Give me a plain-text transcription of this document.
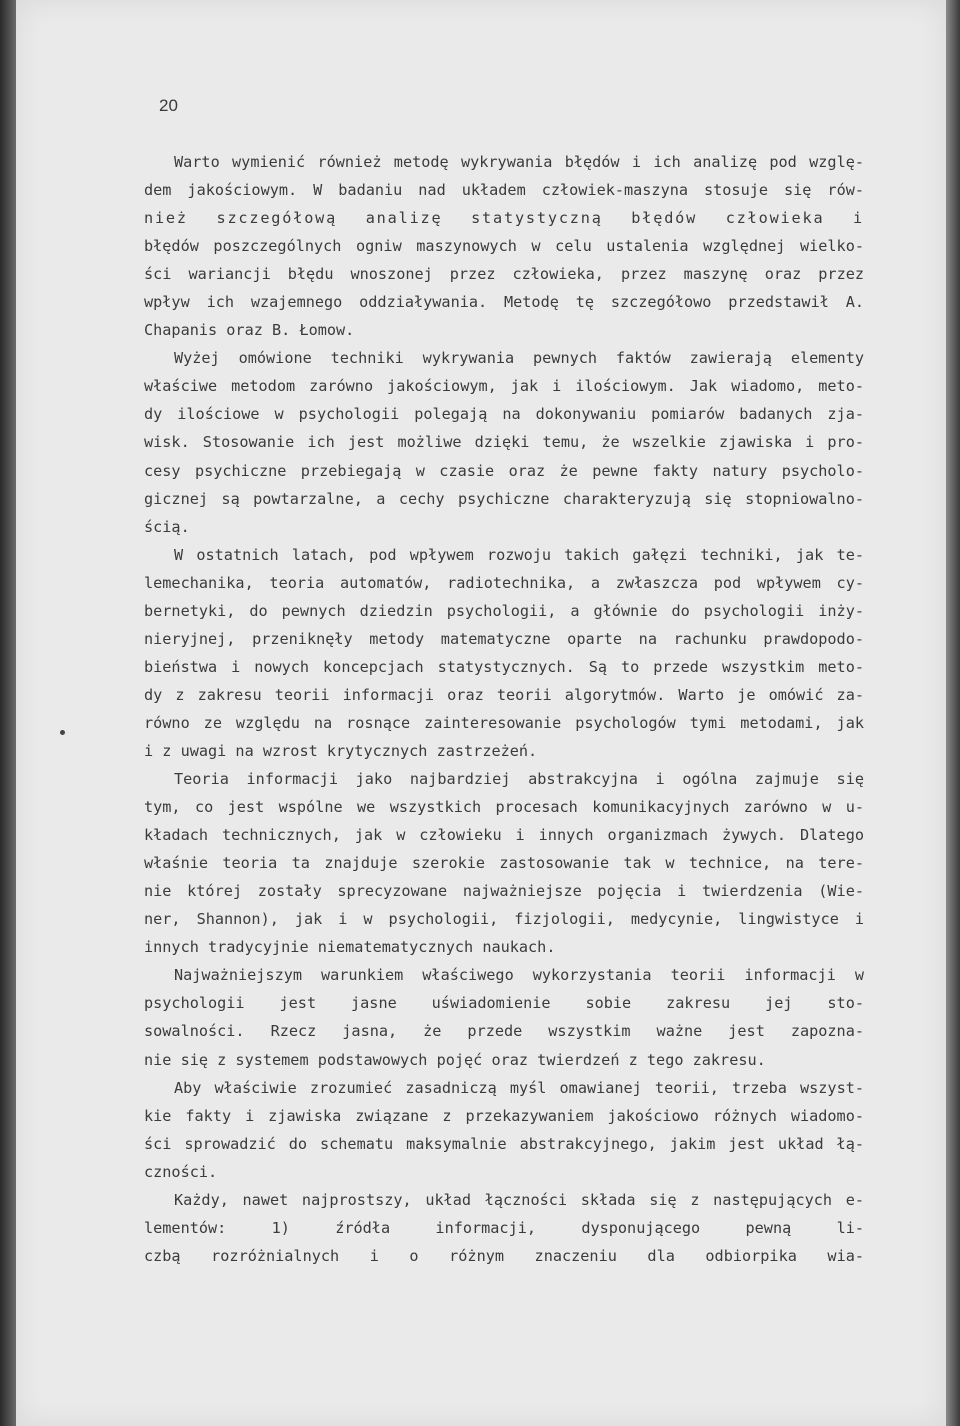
20
Warto wymienić również metodę wykrywania błędów i ich analizę pod wzglę-
dem jakościowym. W badaniu nad układem człowiek-maszyna stosuje się rów-
nież szczegółową analizę statystyczną błędów człowieka i
błędów poszczególnych ogniw maszynowych w celu ustalenia względnej wielko-
ści wariancji błędu wnoszonej przez człowieka, przez maszynę oraz przez
wpływ ich wzajemnego oddziaływania. Metodę tę szczegółowo przedstawił A.
Chapanis oraz B. Łomow.
Wyżej omówione techniki wykrywania pewnych faktów zawierają elementy
właściwe metodom zarówno jakościowym, jak i ilościowym. Jak wiadomo, meto-
dy ilościowe w psychologii polegają na dokonywaniu pomiarów badanych zja-
wisk. Stosowanie ich jest możliwe dzięki temu, że wszelkie zjawiska i pro-
cesy psychiczne przebiegają w czasie oraz że pewne fakty natury psycholo-
gicznej są powtarzalne, a cechy psychiczne charakteryzują się stopniowalno-
ścią.
W ostatnich latach, pod wpływem rozwoju takich gałęzi techniki, jak te-
lemechanika, teoria automatów, radiotechnika, a zwłaszcza pod wpływem cy-
bernetyki, do pewnych dziedzin psychologii, a głównie do psychologii inży-
nieryjnej, przeniknęły metody matematyczne oparte na rachunku prawdopodo-
bieństwa i nowych koncepcjach statystycznych. Są to przede wszystkim meto-
dy z zakresu teorii informacji oraz teorii algorytmów. Warto je omówić za-
równo ze względu na rosnące zainteresowanie psychologów tymi metodami, jak
i z uwagi na wzrost krytycznych zastrzeżeń.
Teoria informacji jako najbardziej abstrakcyjna i ogólna zajmuje się
tym, co jest wspólne we wszystkich procesach komunikacyjnych zarówno w u-
kładach technicznych, jak w człowieku i innych organizmach żywych. Dlatego
właśnie teoria ta znajduje szerokie zastosowanie tak w technice, na tere-
nie której zostały sprecyzowane najważniejsze pojęcia i twierdzenia (Wie-
ner, Shannon), jak i w psychologii, fizjologii, medycynie, lingwistyce i
innych tradycyjnie niematematycznych naukach.
Najważniejszym warunkiem właściwego wykorzystania teorii informacji w
psychologii jest jasne uświadomienie sobie zakresu jej sto-
sowalności. Rzecz jasna, że przede wszystkim ważne jest zapozna-
nie się z systemem podstawowych pojęć oraz twierdzeń z tego zakresu.
Aby właściwie zrozumieć zasadniczą myśl omawianej teorii, trzeba wszyst-
kie fakty i zjawiska związane z przekazywaniem jakościowo różnych wiadomo-
ści sprowadzić do schematu maksymalnie abstrakcyjnego, jakim jest układ łą-
czności.
Każdy, nawet najprostszy, układ łączności składa się z następujących e-
lementów: 1) źródła informacji, dysponującego pewną li-
czbą rozróżnialnych i o różnym znaczeniu dla odbiorpika wia-
